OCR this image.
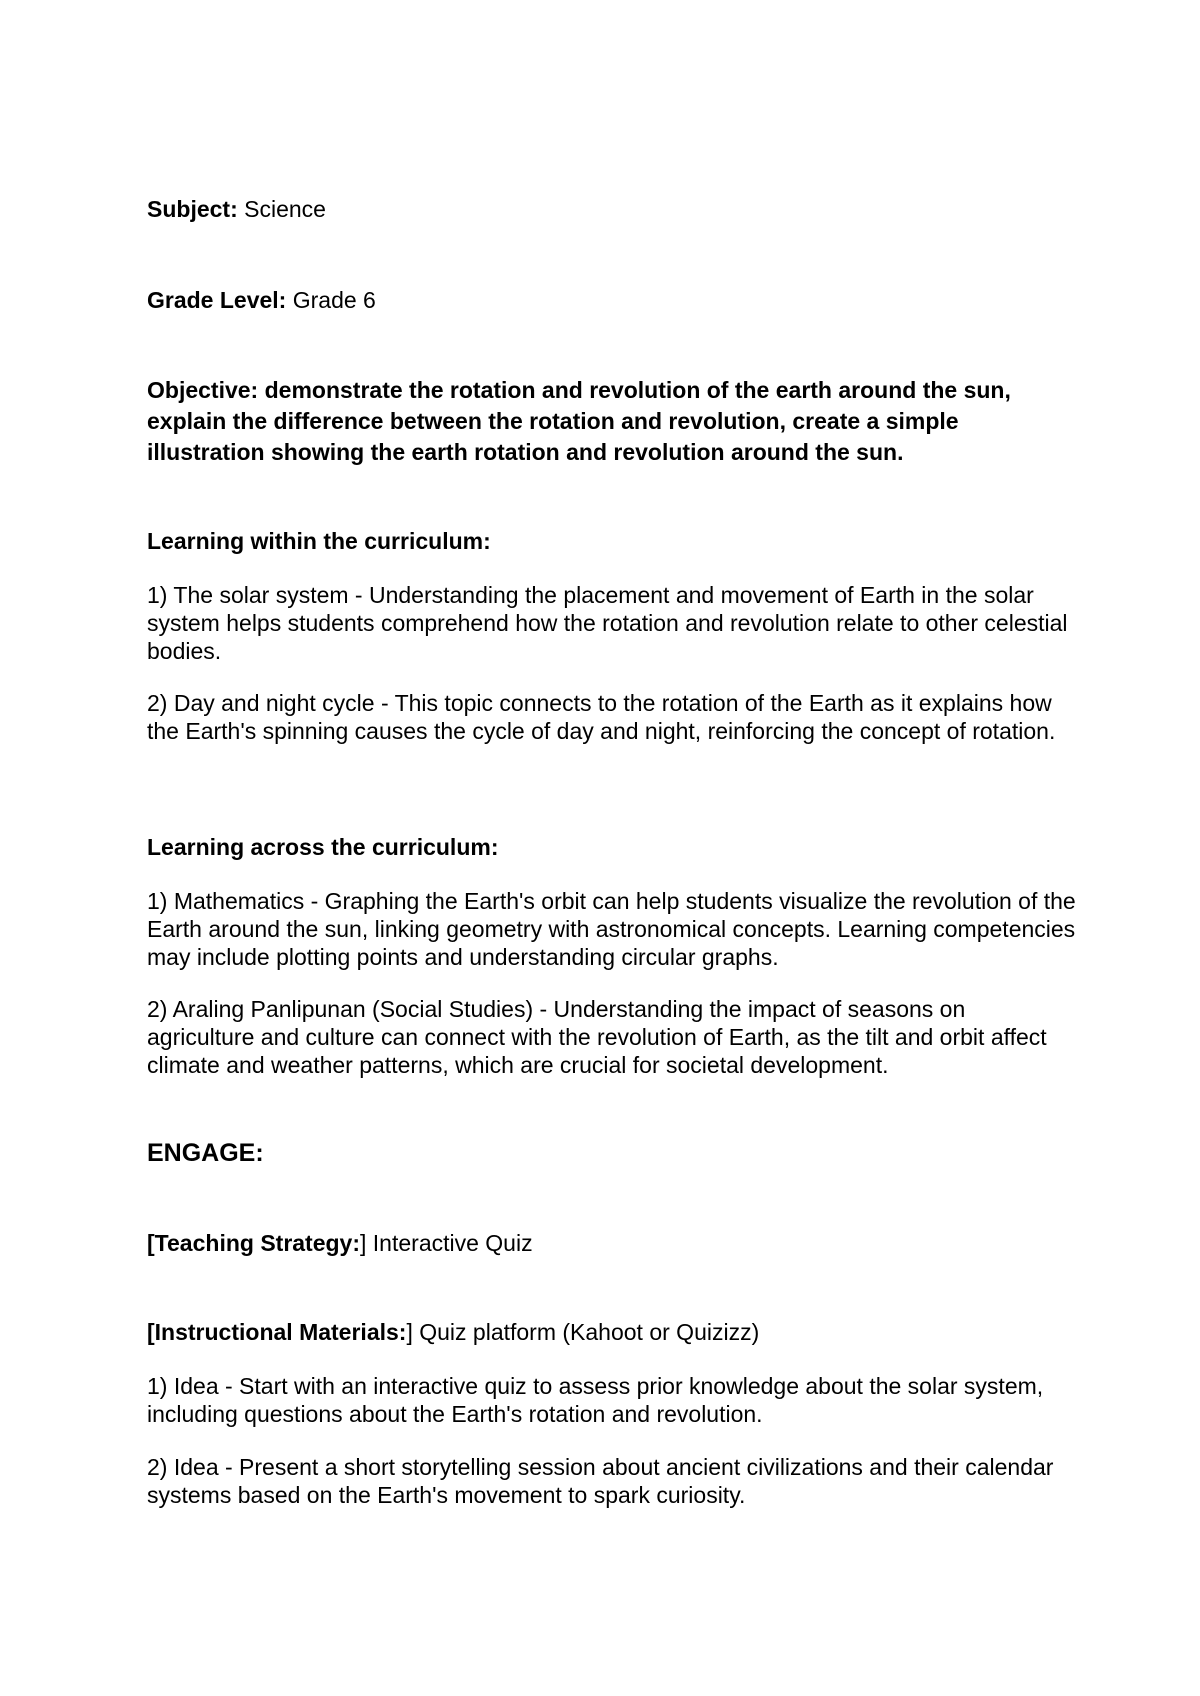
Subject: Science

Grade Level: Grade 6

Objective: demonstrate the rotation and revolution of the earth around the sun, explain the difference between the rotation and revolution, create a simple illustration showing the earth rotation and revolution around the sun.

Learning within the curriculum:

1) The solar system - Understanding the placement and movement of Earth in the solar system helps students comprehend how the rotation and revolution relate to other celestial bodies.

2) Day and night cycle - This topic connects to the rotation of the Earth as it explains how the Earth's spinning causes the cycle of day and night, reinforcing the concept of rotation.

Learning across the curriculum:

1) Mathematics - Graphing the Earth's orbit can help students visualize the revolution of the Earth around the sun, linking geometry with astronomical concepts. Learning competencies may include plotting points and understanding circular graphs.

2) Araling Panlipunan (Social Studies) - Understanding the impact of seasons on agriculture and culture can connect with the revolution of Earth, as the tilt and orbit affect climate and weather patterns, which are crucial for societal development.

ENGAGE:

[Teaching Strategy:] Interactive Quiz

[Instructional Materials:] Quiz platform (Kahoot or Quizizz)

1) Idea - Start with an interactive quiz to assess prior knowledge about the solar system, including questions about the Earth's rotation and revolution.

2) Idea - Present a short storytelling session about ancient civilizations and their calendar systems based on the Earth's movement to spark curiosity.
